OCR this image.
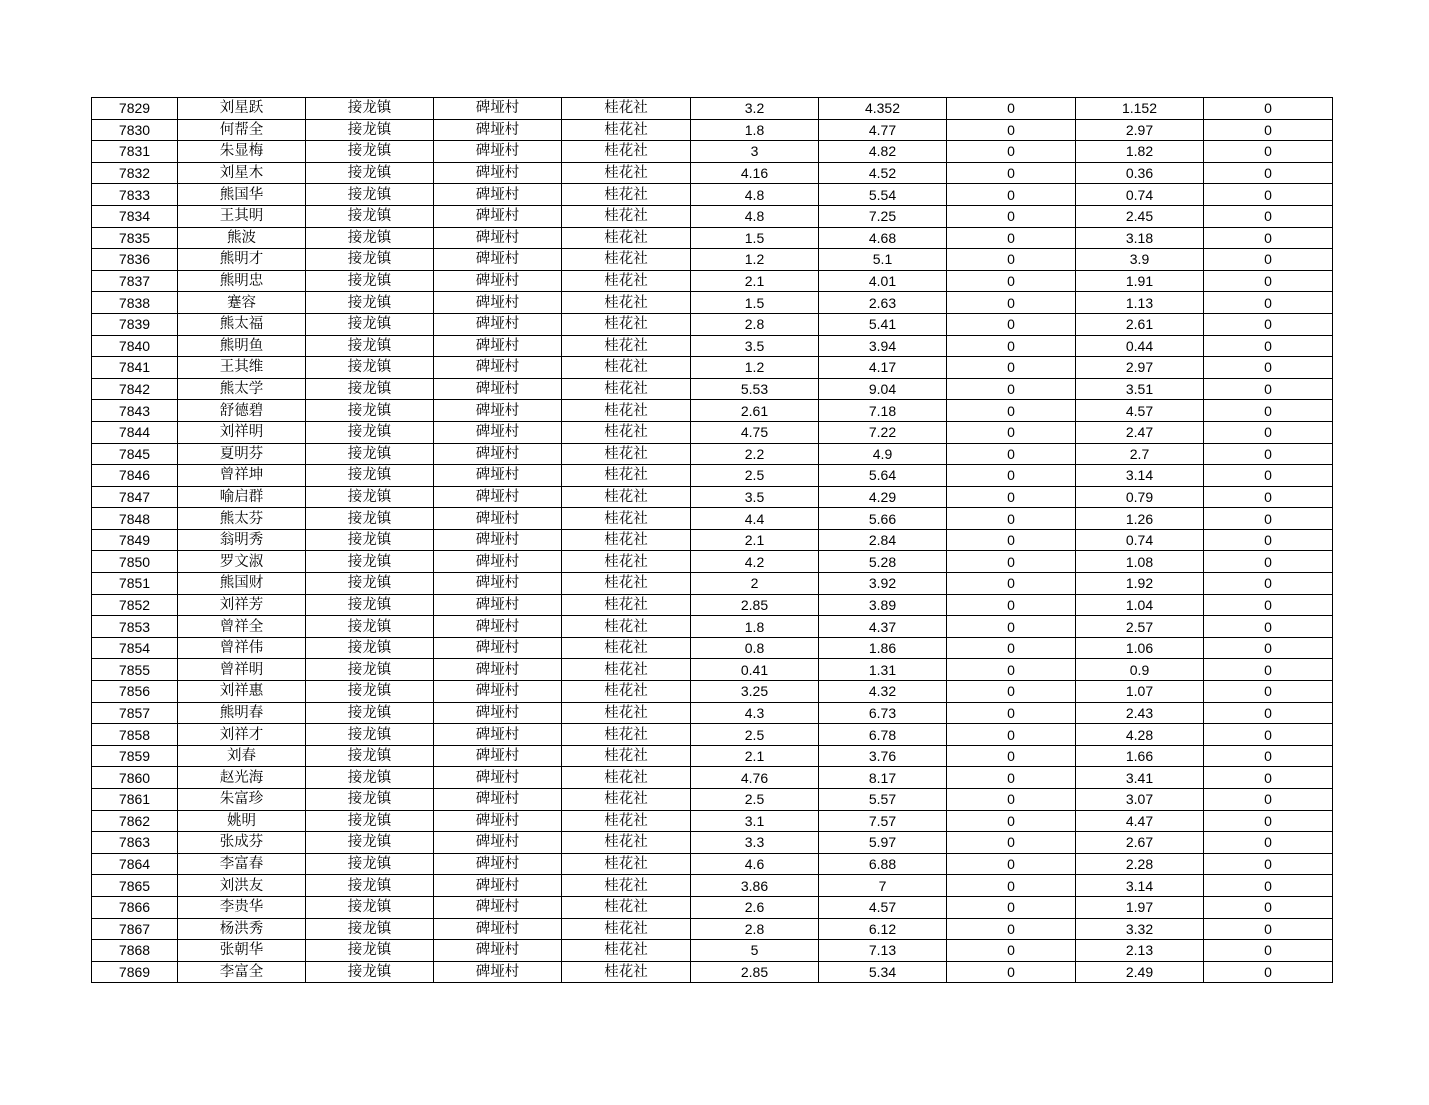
7829	刘星跃	接龙镇	碑垭村	桂花社	3.2	4.352	0	1.152	0
7830	何帮全	接龙镇	碑垭村	桂花社	1.8	4.77	0	2.97	0
7831	朱显梅	接龙镇	碑垭村	桂花社	3	4.82	0	1.82	0
7832	刘星木	接龙镇	碑垭村	桂花社	4.16	4.52	0	0.36	0
7833	熊国华	接龙镇	碑垭村	桂花社	4.8	5.54	0	0.74	0
7834	王其明	接龙镇	碑垭村	桂花社	4.8	7.25	0	2.45	0
7835	熊波	接龙镇	碑垭村	桂花社	1.5	4.68	0	3.18	0
7836	熊明才	接龙镇	碑垭村	桂花社	1.2	5.1	0	3.9	0
7837	熊明忠	接龙镇	碑垭村	桂花社	2.1	4.01	0	1.91	0
7838	蹇容	接龙镇	碑垭村	桂花社	1.5	2.63	0	1.13	0
7839	熊太福	接龙镇	碑垭村	桂花社	2.8	5.41	0	2.61	0
7840	熊明鱼	接龙镇	碑垭村	桂花社	3.5	3.94	0	0.44	0
7841	王其维	接龙镇	碑垭村	桂花社	1.2	4.17	0	2.97	0
7842	熊太学	接龙镇	碑垭村	桂花社	5.53	9.04	0	3.51	0
7843	舒德碧	接龙镇	碑垭村	桂花社	2.61	7.18	0	4.57	0
7844	刘祥明	接龙镇	碑垭村	桂花社	4.75	7.22	0	2.47	0
7845	夏明芬	接龙镇	碑垭村	桂花社	2.2	4.9	0	2.7	0
7846	曾祥坤	接龙镇	碑垭村	桂花社	2.5	5.64	0	3.14	0
7847	喻启群	接龙镇	碑垭村	桂花社	3.5	4.29	0	0.79	0
7848	熊太芬	接龙镇	碑垭村	桂花社	4.4	5.66	0	1.26	0
7849	翁明秀	接龙镇	碑垭村	桂花社	2.1	2.84	0	0.74	0
7850	罗文淑	接龙镇	碑垭村	桂花社	4.2	5.28	0	1.08	0
7851	熊国财	接龙镇	碑垭村	桂花社	2	3.92	0	1.92	0
7852	刘祥芳	接龙镇	碑垭村	桂花社	2.85	3.89	0	1.04	0
7853	曾祥全	接龙镇	碑垭村	桂花社	1.8	4.37	0	2.57	0
7854	曾祥伟	接龙镇	碑垭村	桂花社	0.8	1.86	0	1.06	0
7855	曾祥明	接龙镇	碑垭村	桂花社	0.41	1.31	0	0.9	0
7856	刘祥惠	接龙镇	碑垭村	桂花社	3.25	4.32	0	1.07	0
7857	熊明春	接龙镇	碑垭村	桂花社	4.3	6.73	0	2.43	0
7858	刘祥才	接龙镇	碑垭村	桂花社	2.5	6.78	0	4.28	0
7859	刘春	接龙镇	碑垭村	桂花社	2.1	3.76	0	1.66	0
7860	赵光海	接龙镇	碑垭村	桂花社	4.76	8.17	0	3.41	0
7861	朱富珍	接龙镇	碑垭村	桂花社	2.5	5.57	0	3.07	0
7862	姚明	接龙镇	碑垭村	桂花社	3.1	7.57	0	4.47	0
7863	张成芬	接龙镇	碑垭村	桂花社	3.3	5.97	0	2.67	0
7864	李富春	接龙镇	碑垭村	桂花社	4.6	6.88	0	2.28	0
7865	刘洪友	接龙镇	碑垭村	桂花社	3.86	7	0	3.14	0
7866	李贵华	接龙镇	碑垭村	桂花社	2.6	4.57	0	1.97	0
7867	杨洪秀	接龙镇	碑垭村	桂花社	2.8	6.12	0	3.32	0
7868	张朝华	接龙镇	碑垭村	桂花社	5	7.13	0	2.13	0
7869	李富全	接龙镇	碑垭村	桂花社	2.85	5.34	0	2.49	0
